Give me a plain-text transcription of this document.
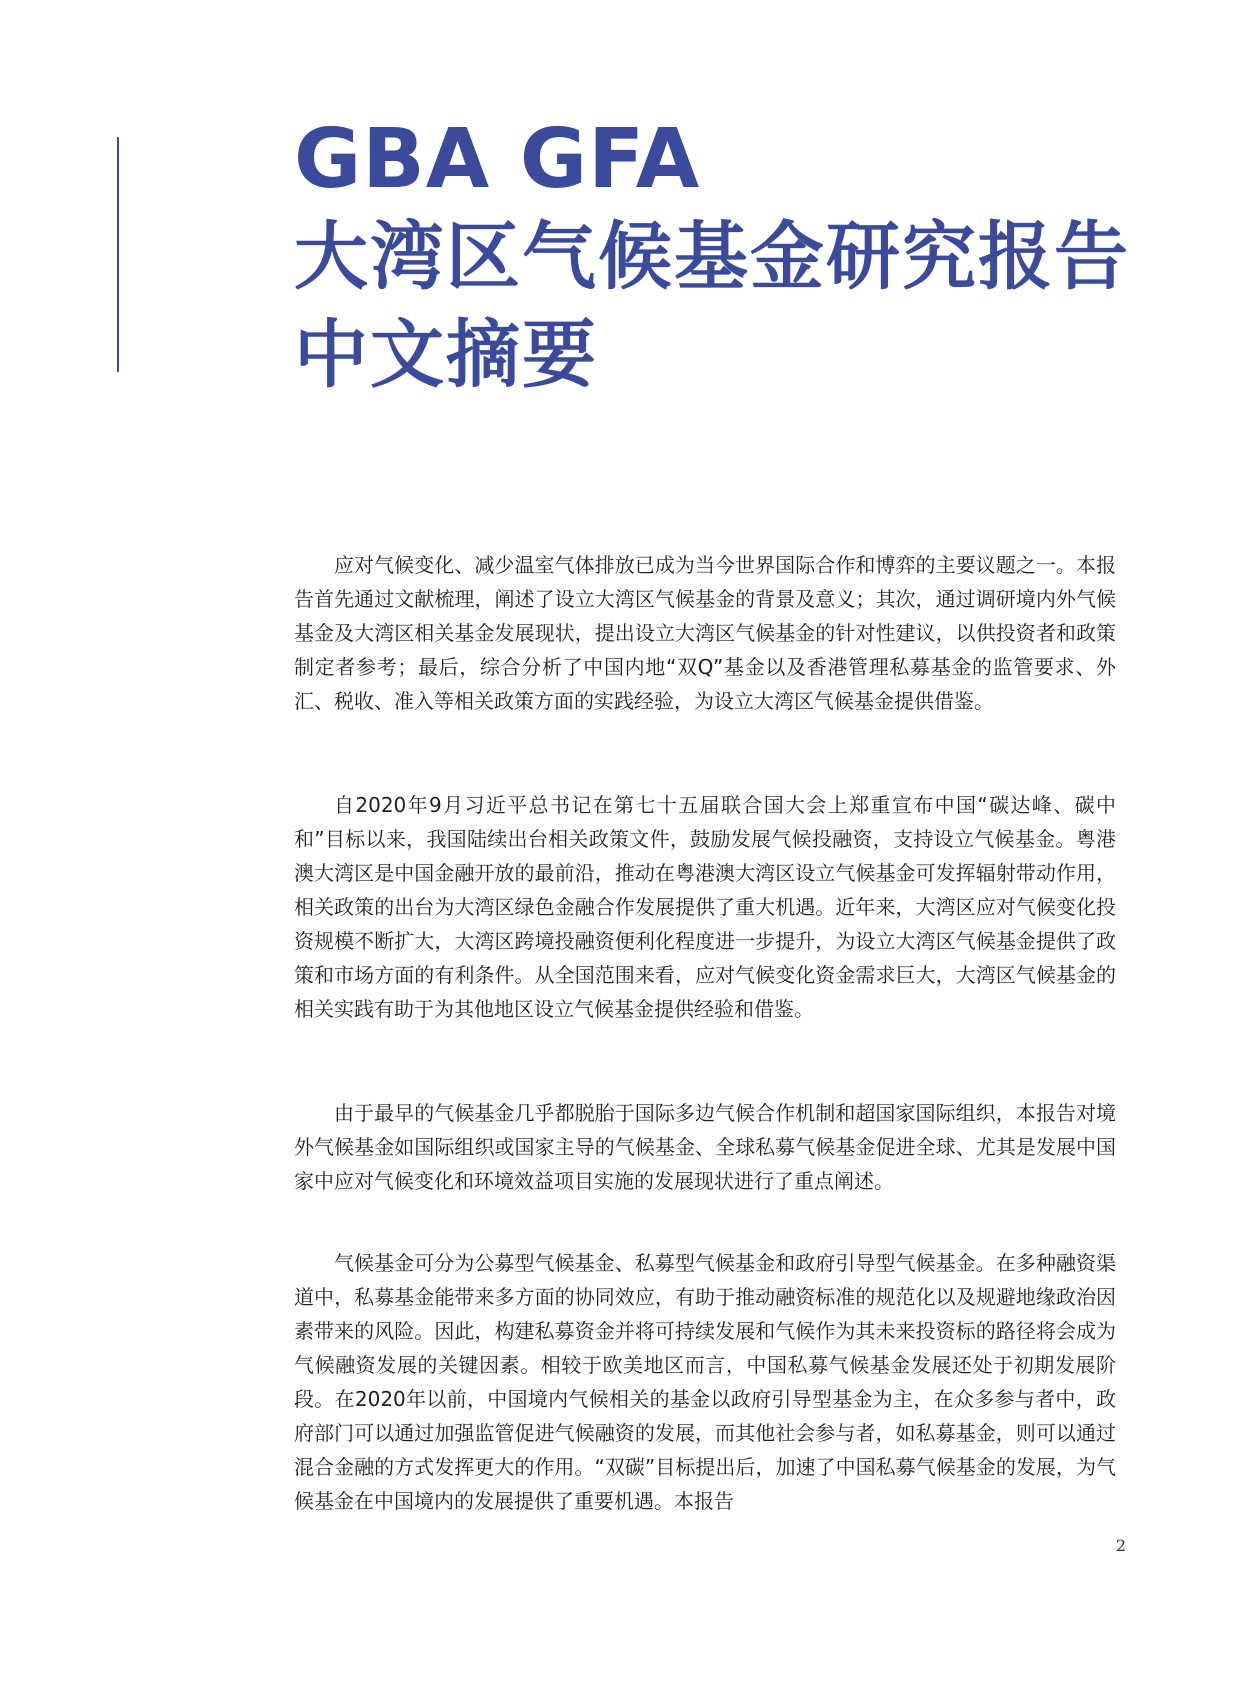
GBA GFA
大湾区气候基金研究报告
中文摘要

应对气候变化、减少温室气体排放已成为当今世界国际合作和博弈的主要议题之一。本报告首先通过文献梳理，阐述了设立大湾区气候基金的背景及意义；其次，通过调研境内外气候基金及大湾区相关基金发展现状，提出设立大湾区气候基金的针对性建议，以供投资者和政策制定者参考；最后，综合分析了中国内地“双Q”基金以及香港管理私募基金的监管要求、外汇、税收、准入等相关政策方面的实践经验，为设立大湾区气候基金提供借鉴。

自2020年9月习近平总书记在第七十五届联合国大会上郑重宣布中国“碳达峰、碳中和”目标以来，我国陆续出台相关政策文件，鼓励发展气候投融资，支持设立气候基金。粤港澳大湾区是中国金融开放的最前沿，推动在粤港澳大湾区设立气候基金可发挥辐射带动作用，相关政策的出台为大湾区绿色金融合作发展提供了重大机遇。近年来，大湾区应对气候变化投资规模不断扩大，大湾区跨境投融资便利化程度进一步提升，为设立大湾区气候基金提供了政策和市场方面的有利条件。从全国范围来看，应对气候变化资金需求巨大，大湾区气候基金的相关实践有助于为其他地区设立气候基金提供经验和借鉴。

由于最早的气候基金几乎都脱胎于国际多边气候合作机制和超国家国际组织，本报告对境外气候基金如国际组织或国家主导的气候基金、全球私募气候基金促进全球、尤其是发展中国家中应对气候变化和环境效益项目实施的发展现状进行了重点阐述。

气候基金可分为公募型气候基金、私募型气候基金和政府引导型气候基金。在多种融资渠道中，私募基金能带来多方面的协同效应，有助于推动融资标准的规范化以及规避地缘政治因素带来的风险。因此，构建私募资金并将可持续发展和气候作为其未来投资标的路径将会成为气候融资发展的关键因素。相较于欧美地区而言，中国私募气候基金发展还处于初期发展阶段。在2020年以前，中国境内气候相关的基金以政府引导型基金为主，在众多参与者中，政府部门可以通过加强监管促进气候融资的发展，而其他社会参与者，如私募基金，则可以通过混合金融的方式发挥更大的作用。“双碳”目标提出后，加速了中国私募气候基金的发展，为气候基金在中国境内的发展提供了重要机遇。本报告

2
